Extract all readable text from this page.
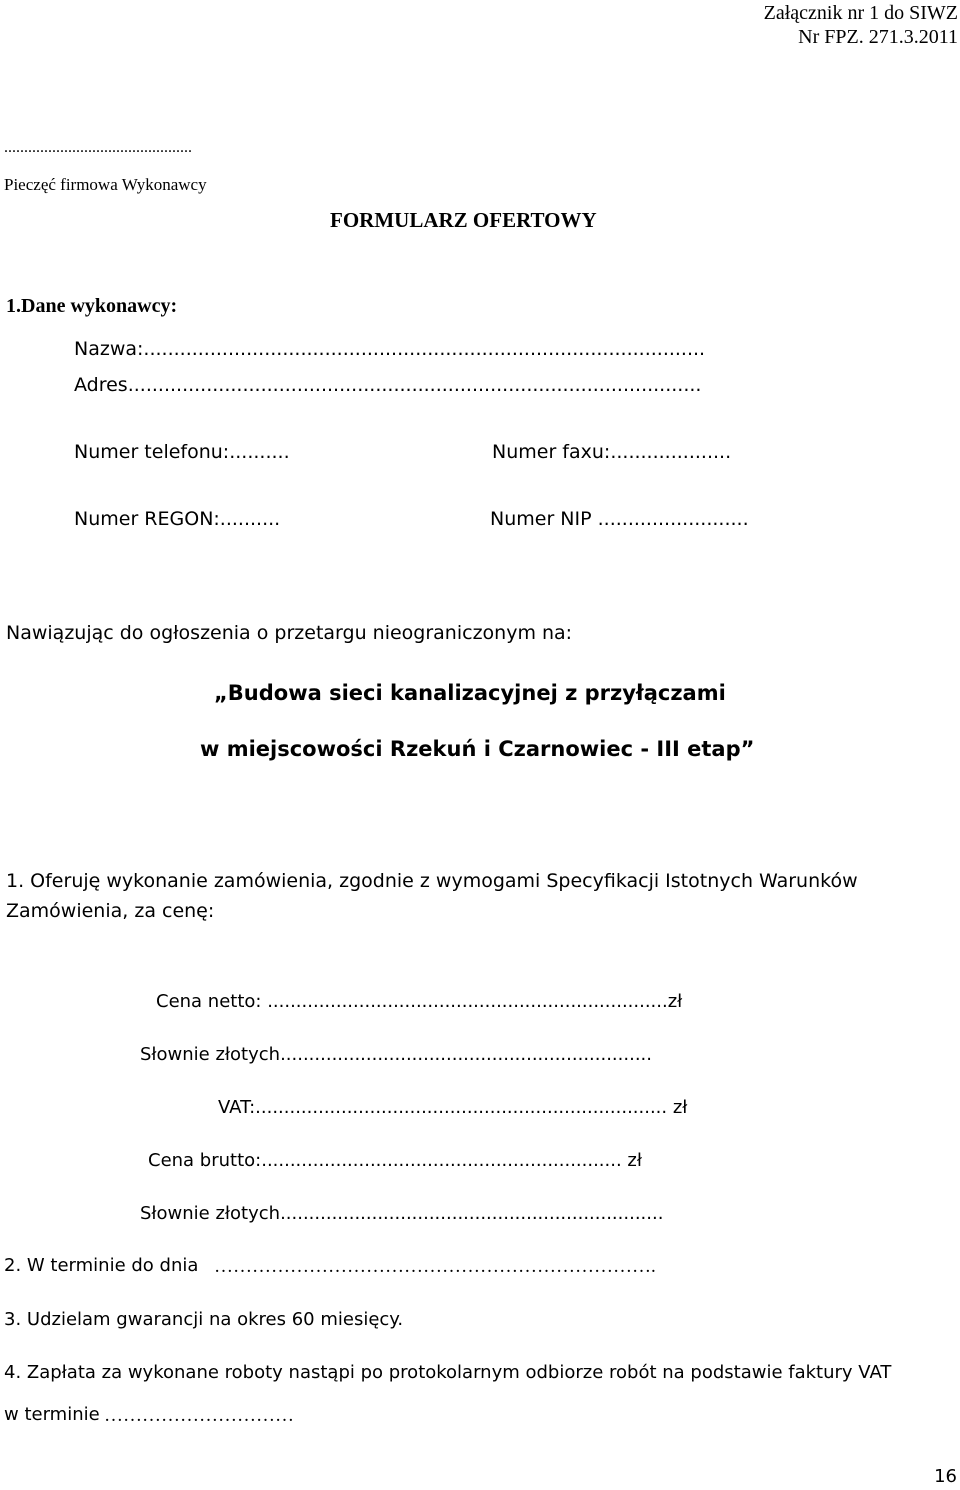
Załącznik nr 1 do SIWZ
Nr FPZ. 271.3.2011
...............................................
Pieczęć firmowa Wykonawcy
FORMULARZ OFERTOWY
1.Dane wykonawcy:
Nazwa:.............................................................................................
Adres...............................................................................................
Numer telefonu:..........	Numer faxu:....................
Numer REGON:..........	Numer NIP .........................
Nawiązując do ogłoszenia o przetargu nieograniczonym na:
„Budowa sieci kanalizacyjnej z przyłączami
w miejscowości Rzekuń i Czarnowiec - III etap”
1. Oferuję wykonanie zamówienia, zgodnie z wymogami Specyfikacji Istotnych Warunków
Zamówienia, za cenę:
Cena netto: ......................................................................zł
Słownie złotych.................................................................
VAT:........................................................................ zł
Cena brutto:............................................................... zł
Słownie złotych...................................................................
2. W terminie do dnia …………………………………………………………….
3. Udzielam gwarancji na okres 60 miesięcy.
4. Zapłata za wykonane roboty nastąpi po protokolarnym odbiorze robót na podstawie faktury VAT
w terminie …………………………
16
